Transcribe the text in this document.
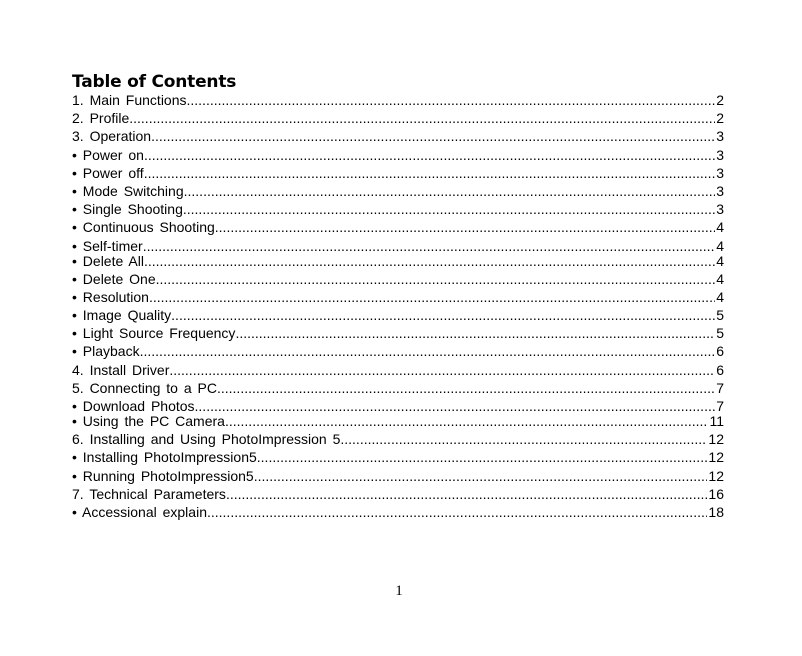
Table of Contents
1. Main Functions .....	2
2. Profile .....	2
3. Operation .....	3
• Power on .....	3
• Power off .....	3
• Mode Switching .....	3
• Single Shooting .....	3
• Continuous Shooting .....	4
• Self-timer .....	4
• Delete All .....	4
• Delete One .....	4
• Resolution .....	4
• Image Quality .....	5
• Light Source Frequency .....	5
• Playback .....	6
4. Install Driver .....	6
5. Connecting to a PC .....	7
• Download Photos .....	7
• Using the PC Camera .....	11
6. Installing and Using PhotoImpression 5 .....	12
• Installing PhotoImpression5 .....	12
• Running PhotoImpression5 .....	12
7. Technical Parameters .....	16
• Accessional explain .....	18
1
